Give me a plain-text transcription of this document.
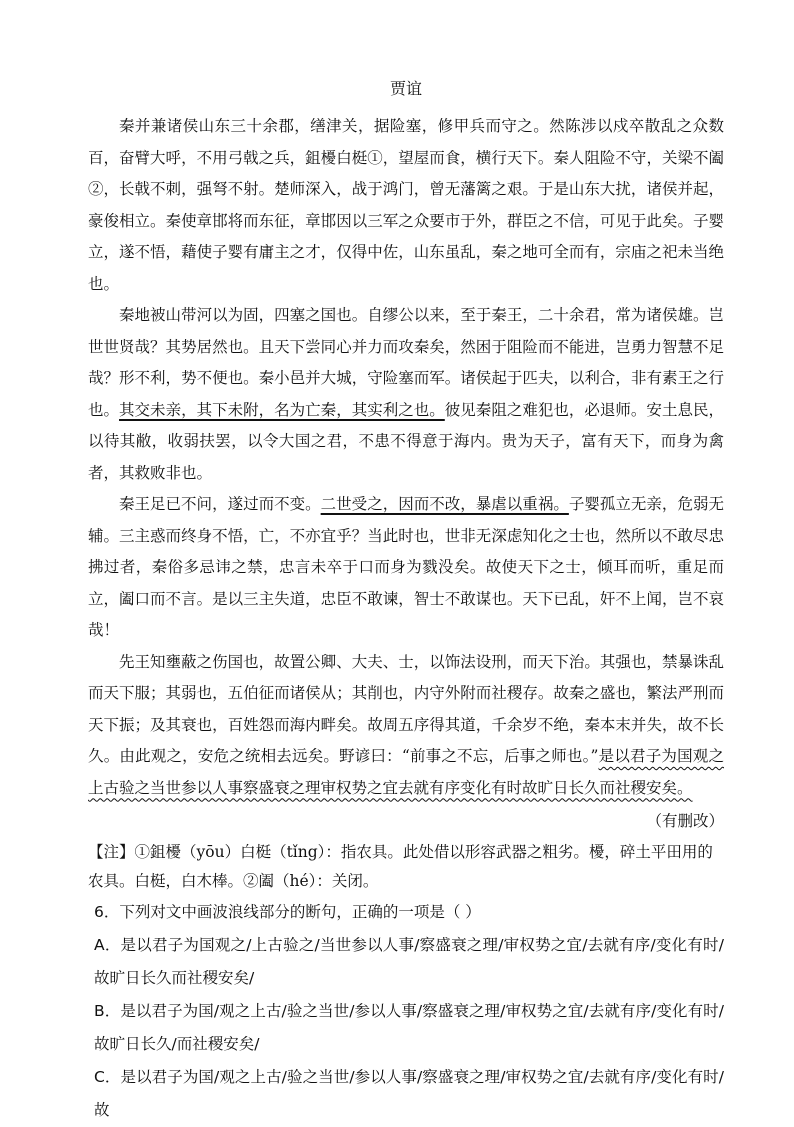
贾谊

秦并兼诸侯山东三十余郡，缮津关，据险塞，修甲兵而守之。然陈涉以戍卒散乱之众数百，奋臂大呼，不用弓戟之兵，鉏櫌白梃①，望屋而食，横行天下。秦人阻险不守，关梁不阖②，长戟不刺，强弩不射。楚师深入，战于鸿门，曾无藩篱之艰。于是山东大扰，诸侯并起，豪俊相立。秦使章邯将而东征，章邯因以三军之众要市于外，群臣之不信，可见于此矣。子婴立，遂不悟，藉使子婴有庸主之才，仅得中佐，山东虽乱，秦之地可全而有，宗庙之祀未当绝也。

秦地被山带河以为固，四塞之国也。自缪公以来，至于秦王，二十余君，常为诸侯雄。岂世世贤哉？其势居然也。且天下尝同心并力而攻秦矣，然困于阻险而不能进，岂勇力智慧不足哉？形不利，势不便也。秦小邑并大城，守险塞而军。诸侯起于匹夫，以利合，非有素王之行也。其交未亲，其下未附，名为亡秦，其实利之也。彼见秦阻之难犯也，必退师。安土息民，以待其敝，收弱扶罢，以令大国之君，不患不得意于海内。贵为天子，富有天下，而身为禽者，其救败非也。

秦王足已不问，遂过而不变。二世受之，因而不改，暴虐以重祸。子婴孤立无亲，危弱无辅。三主惑而终身不悟，亡，不亦宜乎？当此时也，世非无深虑知化之士也，然所以不敢尽忠拂过者，秦俗多忌讳之禁，忠言未卒于口而身为戮没矣。故使天下之士，倾耳而听，重足而立，阖口而不言。是以三主失道，忠臣不敢谏，智士不敢谋也。天下已乱，奸不上闻，岂不哀哉！

先王知壅蔽之伤国也，故置公卿、大夫、士，以饰法设刑，而天下治。其强也，禁暴诛乱而天下服；其弱也，五伯征而诸侯从；其削也，内守外附而社稷存。故秦之盛也，繁法严刑而天下振；及其衰也，百姓怨而海内畔矣。故周五序得其道，千余岁不绝，秦本末并失，故不长久。由此观之，安危之统相去远矣。野谚曰：“前事之不忘，后事之师也。”是以君子为国观之上古验之当世参以人事察盛衰之理审权势之宜去就有序变化有时故旷日长久而社稷安矣。

（有删改）

【注】①鉏櫌（yōu）白梃（tǐng）：指农具。此处借以形容武器之粗劣。櫌，碎土平田用的农具。白梃，白木棒。②阖（hé）：关闭。

6．下列对文中画波浪线部分的断句，正确的一项是（ ）

A．是以君子为国观之/上古验之/当世参以人事/察盛衰之理/审权势之宜/去就有序/变化有时/故旷日长久而社稷安矣/

B．是以君子为国/观之上古/验之当世/参以人事/察盛衰之理/审权势之宜/去就有序/变化有时/故旷日长久/而社稷安矣/

C．是以君子为国/观之上古/验之当世/参以人事/察盛衰之理/审权势之宜/去就有序/变化有时/故
